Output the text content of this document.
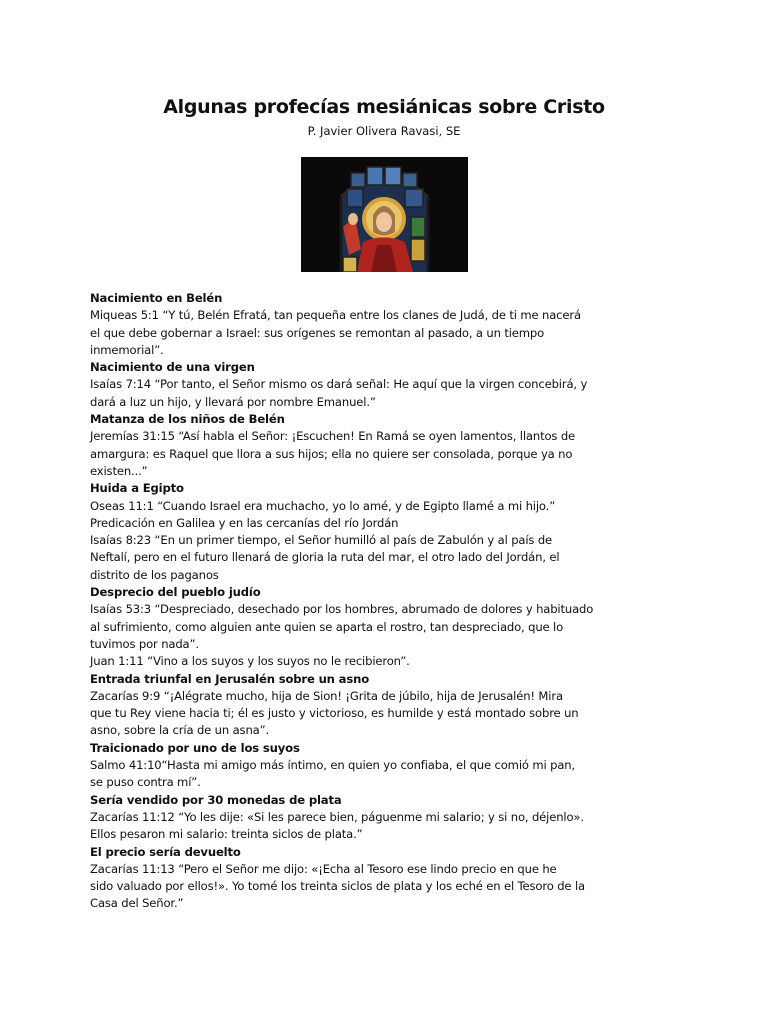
Algunas profecías mesiánicas sobre Cristo
P. Javier Olivera Ravasi, SE

Nacimiento en Belén

Miqueas 5:1 “Y tú, Belén Efratá, tan pequeña entre los clanes de Judá, de ti me nacerá

el que debe gobernar a Israel: sus orígenes se remontan al pasado, a un tiempo

inmemorial”.

Nacimiento de una virgen

Isaías 7:14 “Por tanto, el Señor mismo os dará señal: He aquí que la virgen concebirá, y

dará a luz un hijo, y llevará por nombre Emanuel.”

Matanza de los niños de Belén

Jeremías 31:15 “Así habla el Señor: ¡Escuchen! En Ramá se oyen lamentos, llantos de

amargura: es Raquel que llora a sus hijos; ella no quiere ser consolada, porque ya no

existen...”

Huida a Egipto

Oseas 11:1 “Cuando Israel era muchacho, yo lo amé, y de Egipto llamé a mi hijo.”

Predicación en Galilea y en las cercanías del río Jordán

Isaías 8:23 “En un primer tiempo, el Señor humilló al país de Zabulón y al país de

Neftalí, pero en el futuro llenará de gloria la ruta del mar, el otro lado del Jordán, el

distrito de los paganos

Desprecio del pueblo judío

Isaías 53:3 “Despreciado, desechado por los hombres, abrumado de dolores y habituado

al sufrimiento, como alguien ante quien se aparta el rostro, tan despreciado, que lo

tuvimos por nada”.

Juan 1:11 “Vino a los suyos y los suyos no le recibieron”.

Entrada triunfal en Jerusalén sobre un asno

Zacarías 9:9 “¡Alégrate mucho, hija de Sion! ¡Grita de júbilo, hija de Jerusalén! Mira

que tu Rey viene hacia ti; él es justo y victorioso, es humilde y está montado sobre un

asno, sobre la cría de un asna”.

Traicionado por uno de los suyos

Salmo 41:10“Hasta mi amigo más íntimo, en quien yo confiaba, el que comió mi pan,

se puso contra mí”.

Sería vendido por 30 monedas de plata

Zacarías 11:12 “Yo les dije: «Si les parece bien, páguenme mi salario; y si no, déjenlo».

Ellos pesaron mi salario: treinta siclos de plata.”

El precio sería devuelto

Zacarías 11:13 “Pero el Señor me dijo: «¡Echa al Tesoro ese lindo precio en que he

sido valuado por ellos!». Yo tomé los treinta siclos de plata y los eché en el Tesoro de la

Casa del Señor.”
